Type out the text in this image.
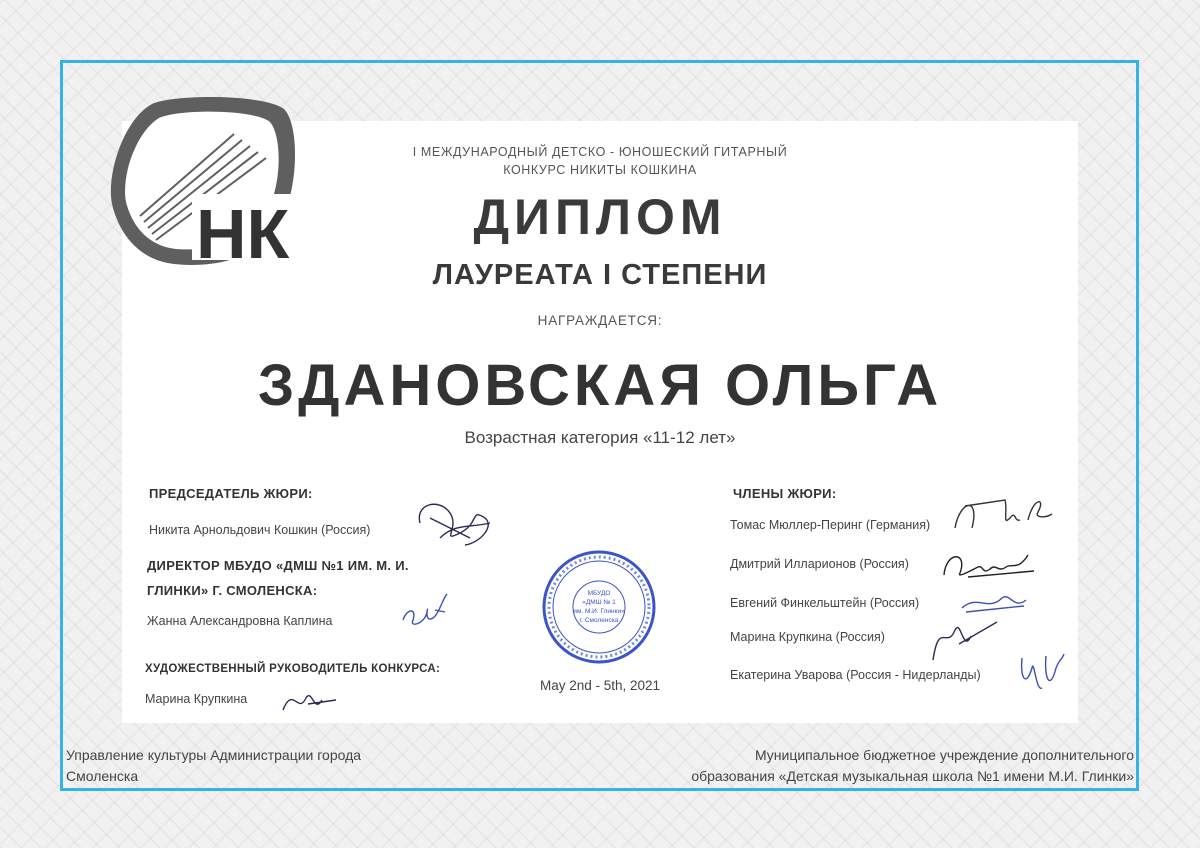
НК
I МЕЖДУНАРОДНЫЙ ДЕТСКО - ЮНОШЕСКИЙ ГИТАРНЫЙ
КОНКУРС НИКИТЫ КОШКИНА
ДИПЛОМ
ЛАУРЕАТА I СТЕПЕНИ
НАГРАЖДАЕТСЯ:
ЗДАНОВСКАЯ ОЛЬГА
Возрастная категория «11-12 лет»
ПРЕДСЕДАТЕЛЬ ЖЮРИ:
Никита Арнольдович Кошкин (Россия)
ДИРЕКТОР МБУДО «ДМШ №1 ИМ. М. И.
ГЛИНКИ» Г. СМОЛЕНСКА:
Жанна Александровна Каплина
ХУДОЖЕСТВЕННЫЙ РУКОВОДИТЕЛЬ КОНКУРСА:
Марина Крупкина
МБУДО
«ДМШ № 1
им. М.И. Глинки»
г. Смоленска
May 2nd - 5th, 2021
ЧЛЕНЫ ЖЮРИ:
Томас Мюллер-Перинг (Германия)
Дмитрий Илларионов (Россия)
Евгений Финкельштейн (Россия)
Марина Крупкина (Россия)
Екатерина Уварова (Россия - Нидерланды)
Управление культуры Администрации города
Смоленска
Муниципальное бюджетное учреждение дополнительного
образования «Детская музыкальная школа №1 имени М.И. Глинки»
